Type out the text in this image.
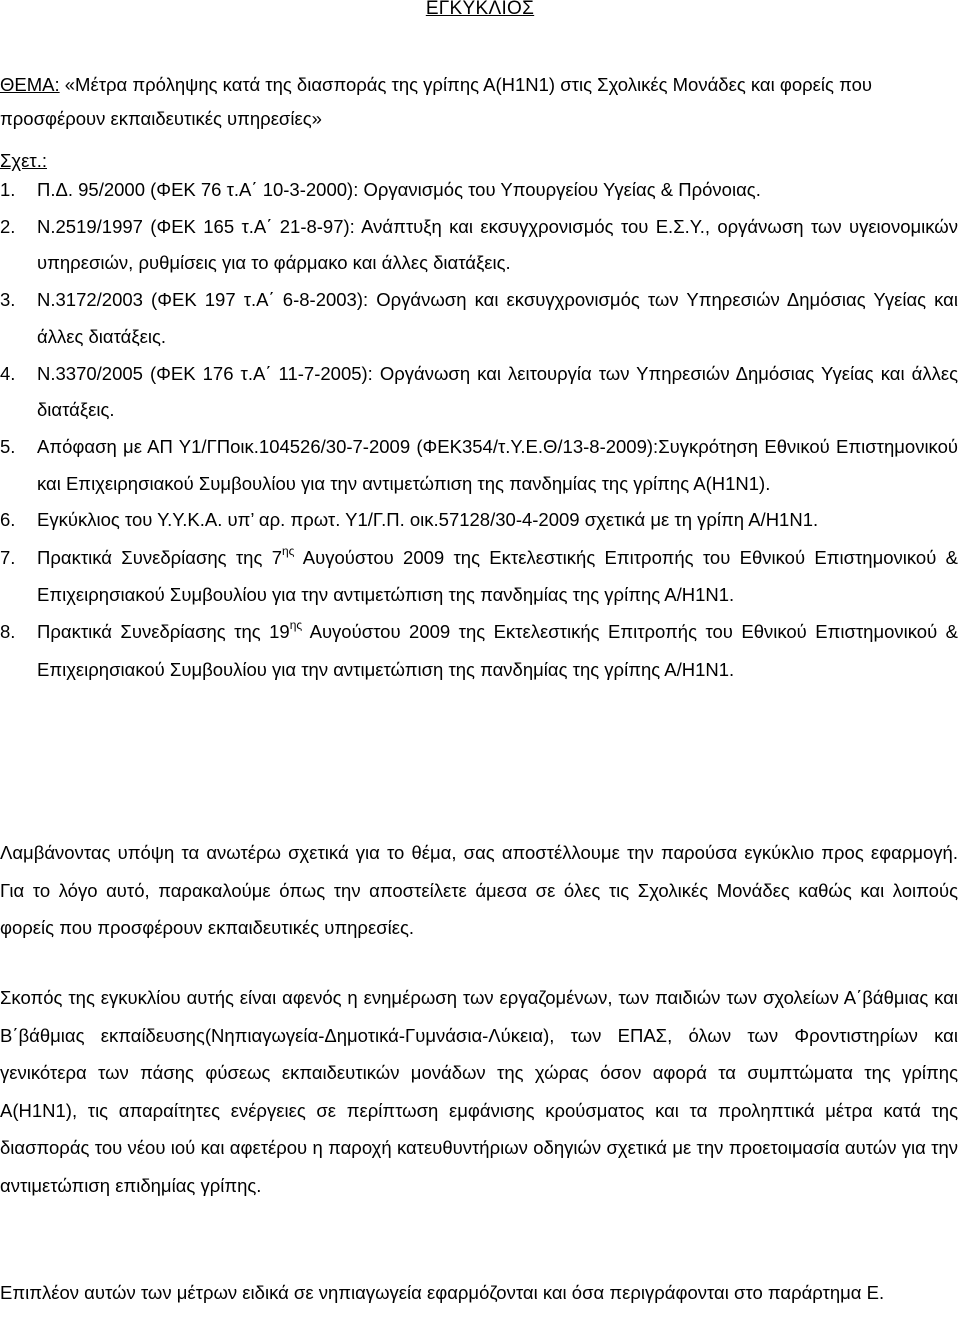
ΕΓΚΥΚΛΙΟΣ
ΘΕΜΑ: «Μέτρα πρόληψης κατά της διασποράς της γρίπης Α(Η1Ν1) στις Σχολικές Μονάδες και φορείς που προσφέρουν εκπαιδευτικές υπηρεσίες»
Σχετ.:
1. Π.Δ. 95/2000 (ΦΕΚ 76 τ.Α΄ 10-3-2000): Οργανισμός του Υπουργείου Υγείας & Πρόνοιας.
2. Ν.2519/1997 (ΦΕΚ 165 τ.Α΄ 21-8-97): Ανάπτυξη και εκσυγχρονισμός του Ε.Σ.Υ., οργάνωση των υγειονομικών υπηρεσιών, ρυθμίσεις για το φάρμακο και άλλες διατάξεις.
3. Ν.3172/2003 (ΦΕΚ 197 τ.Α΄ 6-8-2003): Οργάνωση και εκσυγχρονισμός των Υπηρεσιών Δημόσιας Υγείας και άλλες διατάξεις.
4. Ν.3370/2005 (ΦΕΚ 176 τ.Α΄ 11-7-2005): Οργάνωση και λειτουργία των Υπηρεσιών Δημόσιας Υγείας και άλλες διατάξεις.
5. Απόφαση με ΑΠ Υ1/ΓΠοικ.104526/30-7-2009 (ΦΕΚ354/τ.Υ.Ε.Θ/13-8-2009):Συγκρότηση Εθνικού Επιστημονικού και Επιχειρησιακού Συμβουλίου για την αντιμετώπιση της πανδημίας της γρίπης Α(Η1Ν1).
6. Εγκύκλιος του Υ.Υ.Κ.Α. υπ’ αρ. πρωτ. Υ1/Γ.Π. οικ.57128/30-4-2009 σχετικά με τη γρίπη Α/Η1Ν1.
7. Πρακτικά Συνεδρίασης της $7^{\eta\varsigma}$ Αυγούστου 2009 της Εκτελεστικής Επιτροπής του Εθνικού Επιστημονικού & Επιχειρησιακού Συμβουλίου για την αντιμετώπιση της πανδημίας της γρίπης Α/Η1Ν1.
8. Πρακτικά Συνεδρίασης της $19^{\eta\varsigma}$ Αυγούστου 2009 της Εκτελεστικής Επιτροπής του Εθνικού Επιστημονικού & Επιχειρησιακού Συμβουλίου για την αντιμετώπιση της πανδημίας της γρίπης Α/Η1Ν1.
Λαμβάνοντας υπόψη τα ανωτέρω σχετικά για το θέμα, σας αποστέλλουμε την παρούσα εγκύκλιο προς εφαρμογή. Για το λόγο αυτό, παρακαλούμε όπως την αποστείλετε άμεσα σε όλες τις Σχολικές Μονάδες καθώς και λοιπούς φορείς που προσφέρουν εκπαιδευτικές υπηρεσίες.
Σκοπός της εγκυκλίου αυτής είναι αφενός η ενημέρωση των εργαζομένων, των παιδιών των σχολείων Α΄βάθμιας και Β΄βάθμιας εκπαίδευσης(Νηπιαγωγεία-Δημοτικά-Γυμνάσια-Λύκεια), των ΕΠΑΣ, όλων των Φροντιστηρίων και γενικότερα των πάσης φύσεως εκπαιδευτικών μονάδων της χώρας όσον αφορά τα συμπτώματα της γρίπης Α(Η1Ν1), τις απαραίτητες ενέργειες σε περίπτωση εμφάνισης κρούσματος και τα προληπτικά μέτρα κατά της διασποράς του νέου ιού και αφετέρου η παροχή κατευθυντήριων οδηγιών σχετικά με την προετοιμασία αυτών για την αντιμετώπιση επιδημίας γρίπης.
Επιπλέον αυτών των μέτρων ειδικά σε νηπιαγωγεία εφαρμόζονται και όσα περιγράφονται στο παράρτημα Ε.
